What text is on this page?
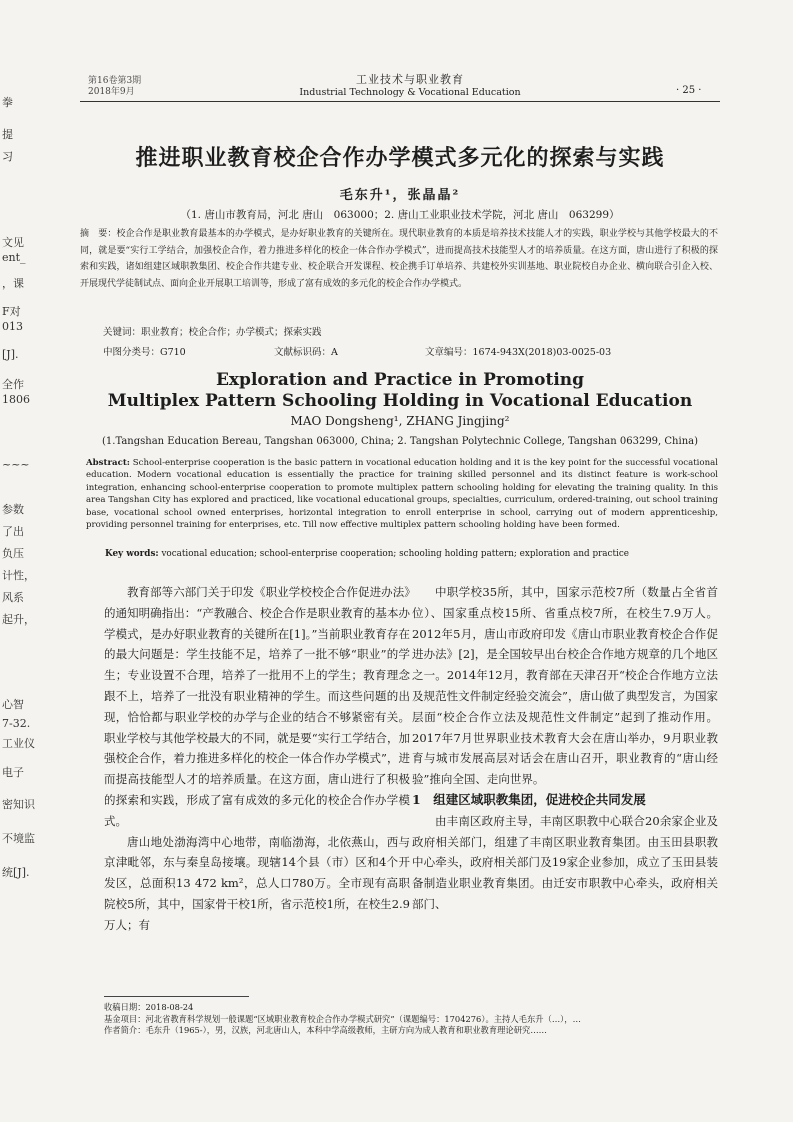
拳
提
习
文见
ent_
，课
F对
013
[J].
全作
1806
~~~
参数
了出
负压
计性，
风系
起升，
心智
7-32.
工业仪
电子
密知识
不境监
统[J].
第16卷第3期
2018年9月
工业技术与职业教育
Industrial Technology & Vocational Education	· 25 ·
推进职业教育校企合作办学模式多元化的探索与实践
毛东升¹，张晶晶²
（1. 唐山市教育局，河北 唐山　063000；2. 唐山工业职业技术学院，河北 唐山　063299）
摘　要：校企合作是职业教育最基本的办学模式，是办好职业教育的关键所在。现代职业教育的本质是培养技术技能人才的实践，职业学校与其他学校最大的不同，就是要“实行工学结合，加强校企合作，着力推进多样化的校企一体合作办学模式”，进而提高技术技能型人才的培养质量。在这方面，唐山进行了积极的探索和实践，诸如组建区域职教集团、校企合作共建专业、校企联合开发课程、校企携手订单培养、共建校外实训基地、职业院校自办企业、横向联合引企入校、开展现代学徒制试点、面向企业开展职工培训等，形成了富有成效的多元化的校企合作办学模式。
关键词：职业教育；校企合作；办学模式；探索实践
中图分类号：G710	文献标识码：A	文章编号：1674-943X(2018)03-0025-03
Exploration and Practice in Promoting
Multiplex Pattern Schooling Holding in Vocational Education
MAO Dongsheng¹, ZHANG Jingjing²
(1.Tangshan Education Bereau, Tangshan 063000, China; 2. Tangshan Polytechnic College, Tangshan 063299, China)
Abstract: School-enterprise cooperation is the basic pattern in vocational education holding and it is the key point for the successful vocational education. Modern vocational education is essentially the practice for training skilled personnel and its distinct feature is work-school integration, enhancing school-enterprise cooperation to promote multiplex pattern schooling holding for elevating the training quality. In this area Tangshan City has explored and practiced, like vocational educational groups, specialties, curriculum, ordered-training, out school training base, vocational school owned enterprises, horizontal integration to enroll enterprise in school, carrying out of modern apprenticeship, providing personnel training for enterprises, etc. Till now effective multiplex pattern schooling holding have been formed.
Key words: vocational education; school-enterprise cooperation; schooling holding pattern; exploration and practice

教育部等六部门关于印发《职业学校校企合作促进办法》的通知明确指出：“产教融合、校企合作是职业教育的基本办学模式，是办好职业教育的关键所在[1]。”当前职业教育存在的最大问题是：学生技能不足，培养了一批不够“职业”的学生；专业设置不合理，培养了一批用不上的学生；教育理念跟不上，培养了一批没有职业精神的学生。而这些问题的出现，恰恰都与职业学校的办学与企业的结合不够紧密有关。职业学校与其他学校最大的不同，就是要“实行工学结合，加强校企合作，着力推进多样化的校企一体合作办学模式”，进而提高技能型人才的培养质量。在这方面，唐山进行了积极的探索和实践，形成了富有成效的多元化的校企合作办学模式。

唐山地处渤海湾中心地带，南临渤海，北依燕山，西与京津毗邻，东与秦皇岛接壤。现辖14个县（市）区和4个开发区，总面积13 472 km²，总人口780万。全市现有高职院校5所，其中，国家骨干校1所，省示范校1所，在校生2.9万人；有

中职学校35所，其中，国家示范校7所（数量占全省首位）、国家重点校15所、省重点校7所，在校生7.9万人。2012年5月，唐山市政府印发《唐山市职业教育校企合作促进办法》[2]，是全国较早出台校企合作地方规章的几个地区之一。2014年12月，教育部在天津召开“校企合作地方立法及规范性文件制定经验交流会”，唐山做了典型发言，为国家层面“校企合作立法及规范性文件制定”起到了推动作用。2017年7月世界职业技术教育大会在唐山举办，9月职业教育与城市发展高层对话会在唐山召开，职业教育的“唐山经验”推向全国、走向世界。

1　组建区域职教集团，促进校企共同发展

由丰南区政府主导，丰南区职教中心联合20余家企业及政府相关部门，组建了丰南区职业教育集团。由玉田县职教中心牵头，政府相关部门及19家企业参加，成立了玉田县装备制造业职业教育集团。由迁安市职教中心牵头，政府相关部门、

收稿日期：2018-08-24
基金项目：河北省教育科学规划一般课题“区域职业教育校企合作办学模式研究”（课题编号：1704276）。主持人毛东升（…），…
作者简介：毛东升（1965-），男，汉族，河北唐山人，本科中学高级教师，主研方向为成人教育和职业教育理论研究……
